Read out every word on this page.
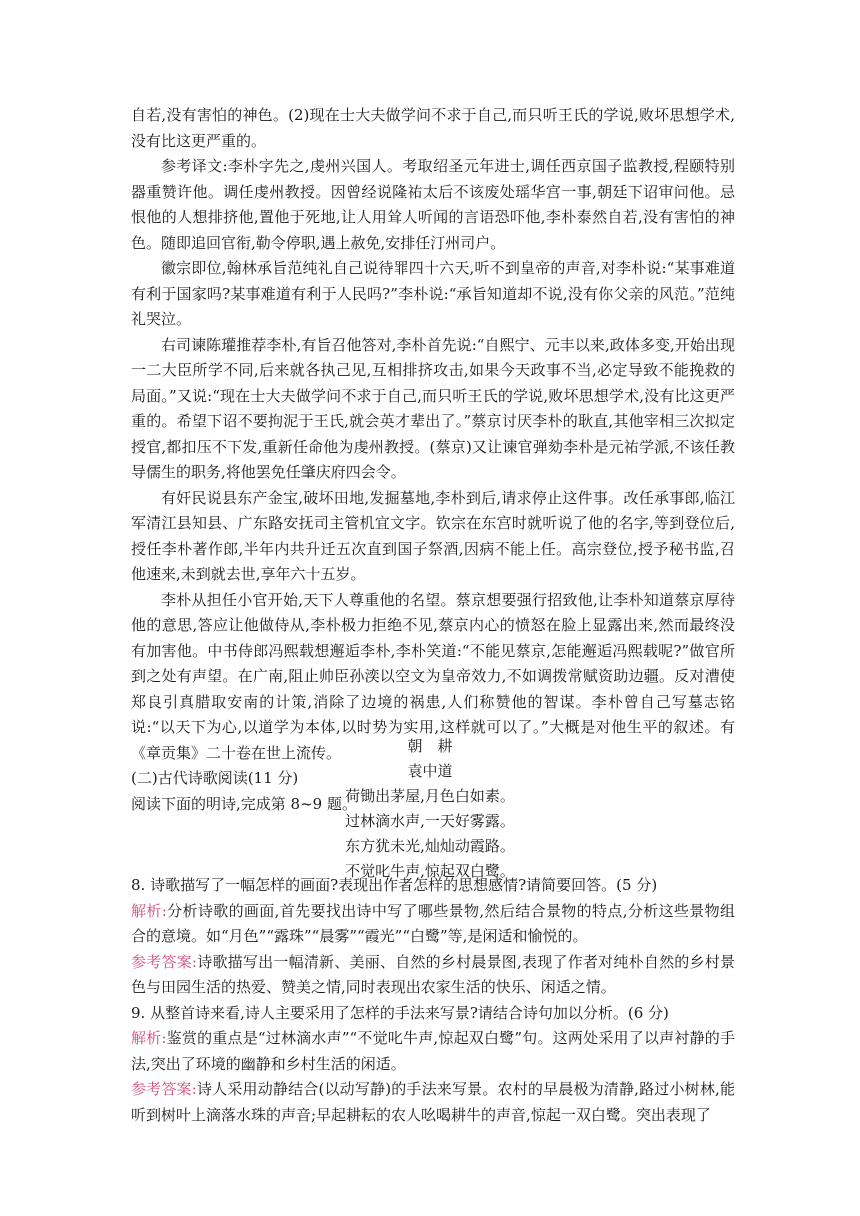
自若,没有害怕的神色。(2)现在士大夫做学问不求于自己,而只听王氏的学说,败坏思想学术,没有比这更严重的。

参考译文:李朴字先之,虔州兴国人。考取绍圣元年进士,调任西京国子监教授,程颐特别器重赞许他。调任虔州教授。因曾经说隆祐太后不该废处瑶华宫一事,朝廷下诏审问他。忌恨他的人想排挤他,置他于死地,让人用耸人听闻的言语恐吓他,李朴泰然自若,没有害怕的神色。随即追回官衔,勒令停职,遇上赦免,安排任汀州司户。

徽宗即位,翰林承旨范纯礼自己说待罪四十六天,听不到皇帝的声音,对李朴说:“某事难道有利于国家吗?某事难道有利于人民吗?”李朴说:“承旨知道却不说,没有你父亲的风范。”范纯礼哭泣。

右司谏陈瓘推荐李朴,有旨召他答对,李朴首先说:“自熙宁、元丰以来,政体多变,开始出现一二大臣所学不同,后来就各执己见,互相排挤攻击,如果今天政事不当,必定导致不能挽救的局面。”又说:“现在士大夫做学问不求于自己,而只听王氏的学说,败坏思想学术,没有比这更严重的。希望下诏不要拘泥于王氏,就会英才辈出了。”蔡京讨厌李朴的耿直,其他宰相三次拟定授官,都扣压不下发,重新任命他为虔州教授。(蔡京)又让谏官弹劾李朴是元祐学派,不该任教导儒生的职务,将他罢免任肇庆府四会令。

有奸民说县东产金宝,破坏田地,发掘墓地,李朴到后,请求停止这件事。改任承事郎,临江军清江县知县、广东路安抚司主管机宜文字。钦宗在东宫时就听说了他的名字,等到登位后,授任李朴著作郎,半年内共升迁五次直到国子祭酒,因病不能上任。高宗登位,授予秘书监,召他速来,未到就去世,享年六十五岁。

李朴从担任小官开始,天下人尊重他的名望。蔡京想要强行招致他,让李朴知道蔡京厚待他的意思,答应让他做侍从,李朴极力拒绝不见,蔡京内心的愤怒在脸上显露出来,然而最终没有加害他。中书侍郎冯熙载想邂逅李朴,李朴笑道:“不能见蔡京,怎能邂逅冯熙载呢?”做官所到之处有声望。在广南,阻止帅臣孙湙以空文为皇帝效力,不如调拨常赋资助边疆。反对漕使郑良引真腊取安南的计策,消除了边境的祸患,人们称赞他的智谋。李朴曾自己写墓志铭说:“以天下为心,以道学为本体,以时势为实用,这样就可以了。”大概是对他生平的叙述。有《章贡集》二十卷在世上流传。

(二)古代诗歌阅读(11 分)

阅读下面的明诗,完成第 8~9 题。

朝　耕
袁中道
荷锄出茅屋,月色白如素。
过林滴水声,一天好雾露。
东方犹未光,灿灿动霞路。
不觉叱牛声,惊起双白鹭。

8. 诗歌描写了一幅怎样的画面?表现出作者怎样的思想感情?请简要回答。(5 分)

解析:分析诗歌的画面,首先要找出诗中写了哪些景物,然后结合景物的特点,分析这些景物组合的意境。如“月色”“露珠”“晨雾”“霞光”“白鹭”等,是闲适和愉悦的。

参考答案:诗歌描写出一幅清新、美丽、自然的乡村晨景图,表现了作者对纯朴自然的乡村景色与田园生活的热爱、赞美之情,同时表现出农家生活的快乐、闲适之情。

9. 从整首诗来看,诗人主要采用了怎样的手法来写景?请结合诗句加以分析。(6 分)

解析:鉴赏的重点是“过林滴水声”“不觉叱牛声,惊起双白鹭”句。这两处采用了以声衬静的手法,突出了环境的幽静和乡村生活的闲适。

参考答案:诗人采用动静结合(以动写静)的手法来写景。农村的早晨极为清静,路过小树林,能听到树叶上滴落水珠的声音;早起耕耘的农人吆喝耕牛的声音,惊起一双白鹭。突出表现了
